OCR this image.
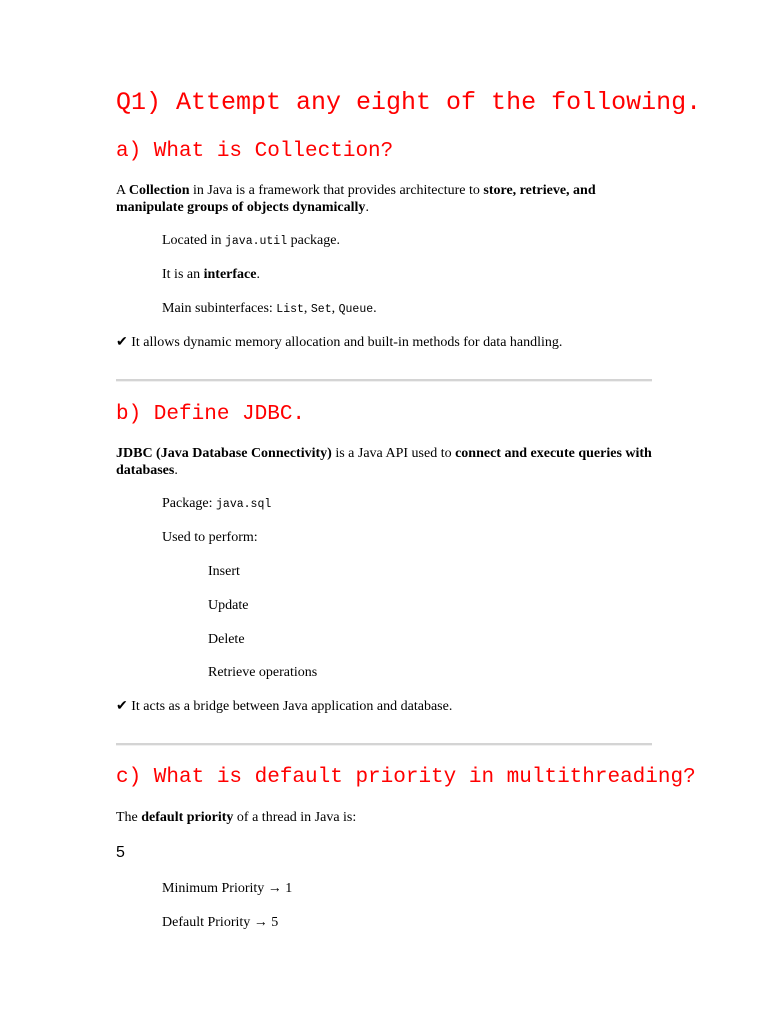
Q1) Attempt any eight of the following.
a) What is Collection?

A Collection in Java is a framework that provides architecture to store, retrieve, and manipulate groups of objects dynamically.

Located in java.util package.

It is an interface.

Main subinterfaces: List, Set, Queue.

✔ It allows dynamic memory allocation and built-in methods for data handling.

b) Define JDBC.

JDBC (Java Database Connectivity) is a Java API used to connect and execute queries with databases.

Package: java.sql

Used to perform:

Insert

Update

Delete

Retrieve operations

✔ It acts as a bridge between Java application and database.

c) What is default priority in multithreading?

The default priority of a thread in Java is:

5

Minimum Priority → 1

Default Priority → 5
